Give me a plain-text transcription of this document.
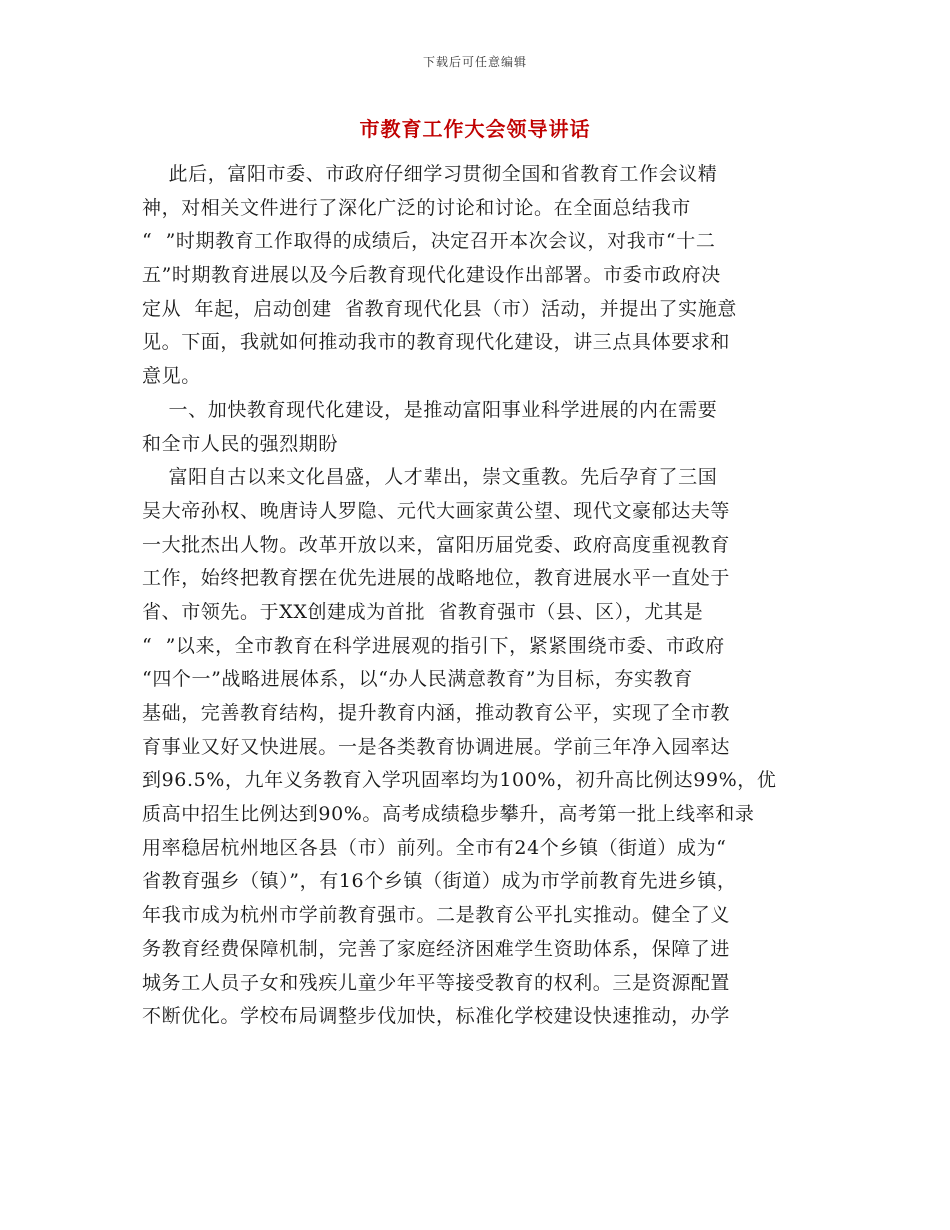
下载后可任意编辑
市教育工作大会领导讲话
此后，富阳市委、市政府仔细学习贯彻全国和省教育工作会议精
神，对相关文件进行了深化广泛的讨论和讨论。在全面总结我市
“  ”时期教育工作取得的成绩后，决定召开本次会议，对我市“十二
五”时期教育进展以及今后教育现代化建设作出部署。市委市政府决
定从  年起，启动创建  省教育现代化县（市）活动，并提出了实施意
见。下面，我就如何推动我市的教育现代化建设，讲三点具体要求和
意见。
一、加快教育现代化建设，是推动富阳事业科学进展的内在需要
和全市人民的强烈期盼
富阳自古以来文化昌盛，人才辈出，崇文重教。先后孕育了三国
吴大帝孙权、晚唐诗人罗隐、元代大画家黄公望、现代文豪郁达夫等
一大批杰出人物。改革开放以来，富阳历届党委、政府高度重视教育
工作，始终把教育摆在优先进展的战略地位，教育进展水平一直处于
省、市领先。于XX创建成为首批  省教育强市（县、区），尤其是
“  ”以来，全市教育在科学进展观的指引下，紧紧围绕市委、市政府
“四个一”战略进展体系，以“办人民满意教育”为目标，夯实教育
基础，完善教育结构，提升教育内涵，推动教育公平，实现了全市教
育事业又好又快进展。一是各类教育协调进展。学前三年净入园率达
到96.5%，九年义务教育入学巩固率均为100%，初升高比例达99%，优
质高中招生比例达到90%。高考成绩稳步攀升，高考第一批上线率和录
用率稳居杭州地区各县（市）前列。全市有24个乡镇（街道）成为“
省教育强乡（镇）”，有16个乡镇（街道）成为市学前教育先进乡镇，
年我市成为杭州市学前教育强市。二是教育公平扎实推动。健全了义
务教育经费保障机制，完善了家庭经济困难学生资助体系，保障了进
城务工人员子女和残疾儿童少年平等接受教育的权利。三是资源配置
不断优化。学校布局调整步伐加快，标准化学校建设快速推动，办学
